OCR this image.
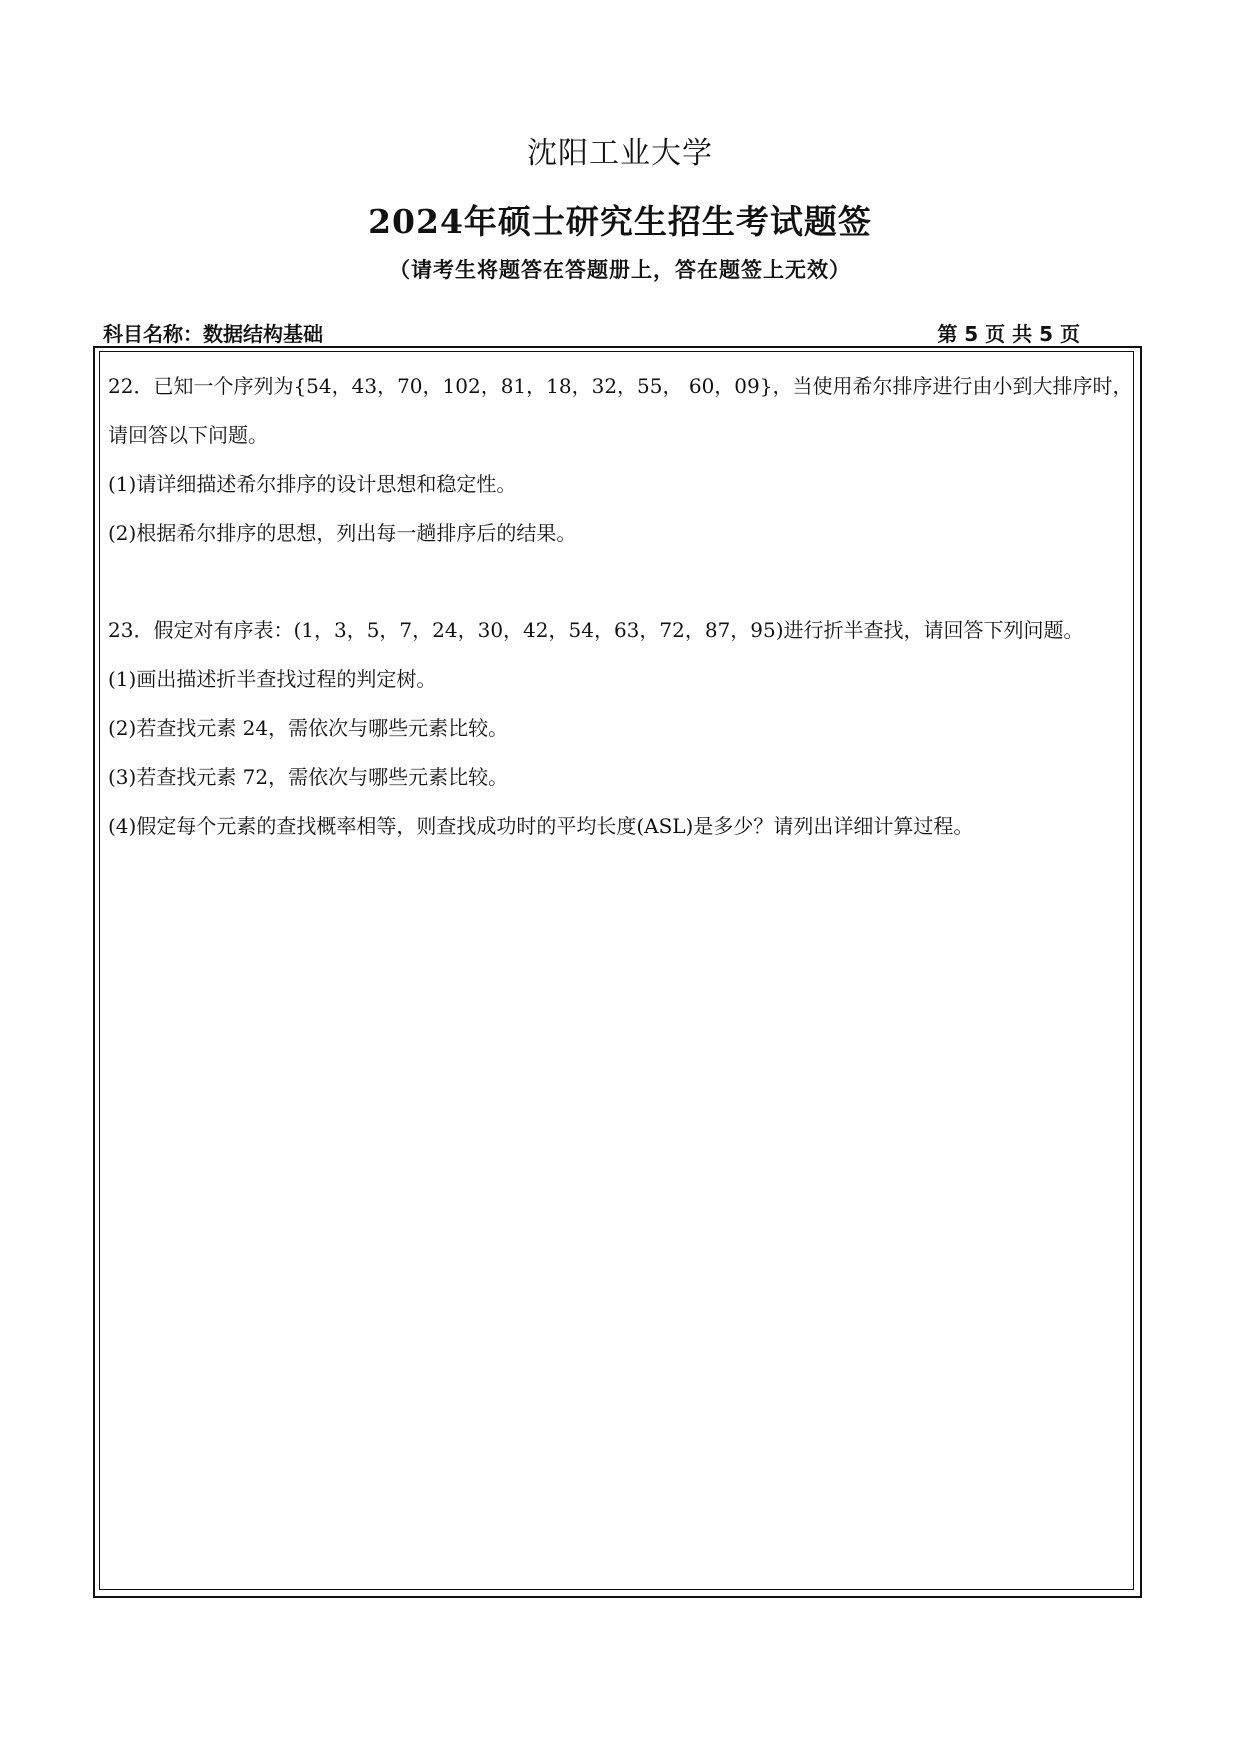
沈阳工业大学
2024年硕士研究生招生考试题签
（请考生将题答在答题册上，答在题签上无效）
科目名称：数据结构基础	第 5 页 共 5 页
22．已知一个序列为{54，43，70，102，81，18，32，55， 60，09}，当使用希尔排序进行由小到大排序时，
请回答以下问题。
(1)请详细描述希尔排序的设计思想和稳定性。
(2)根据希尔排序的思想，列出每一趟排序后的结果。
23．假定对有序表：(1，3，5，7，24，30，42，54，63，72，87，95)进行折半查找，请回答下列问题。
(1)画出描述折半查找过程的判定树。
(2)若查找元素 24，需依次与哪些元素比较。
(3)若查找元素 72，需依次与哪些元素比较。
(4)假定每个元素的查找概率相等，则查找成功时的平均长度(ASL)是多少？请列出详细计算过程。
